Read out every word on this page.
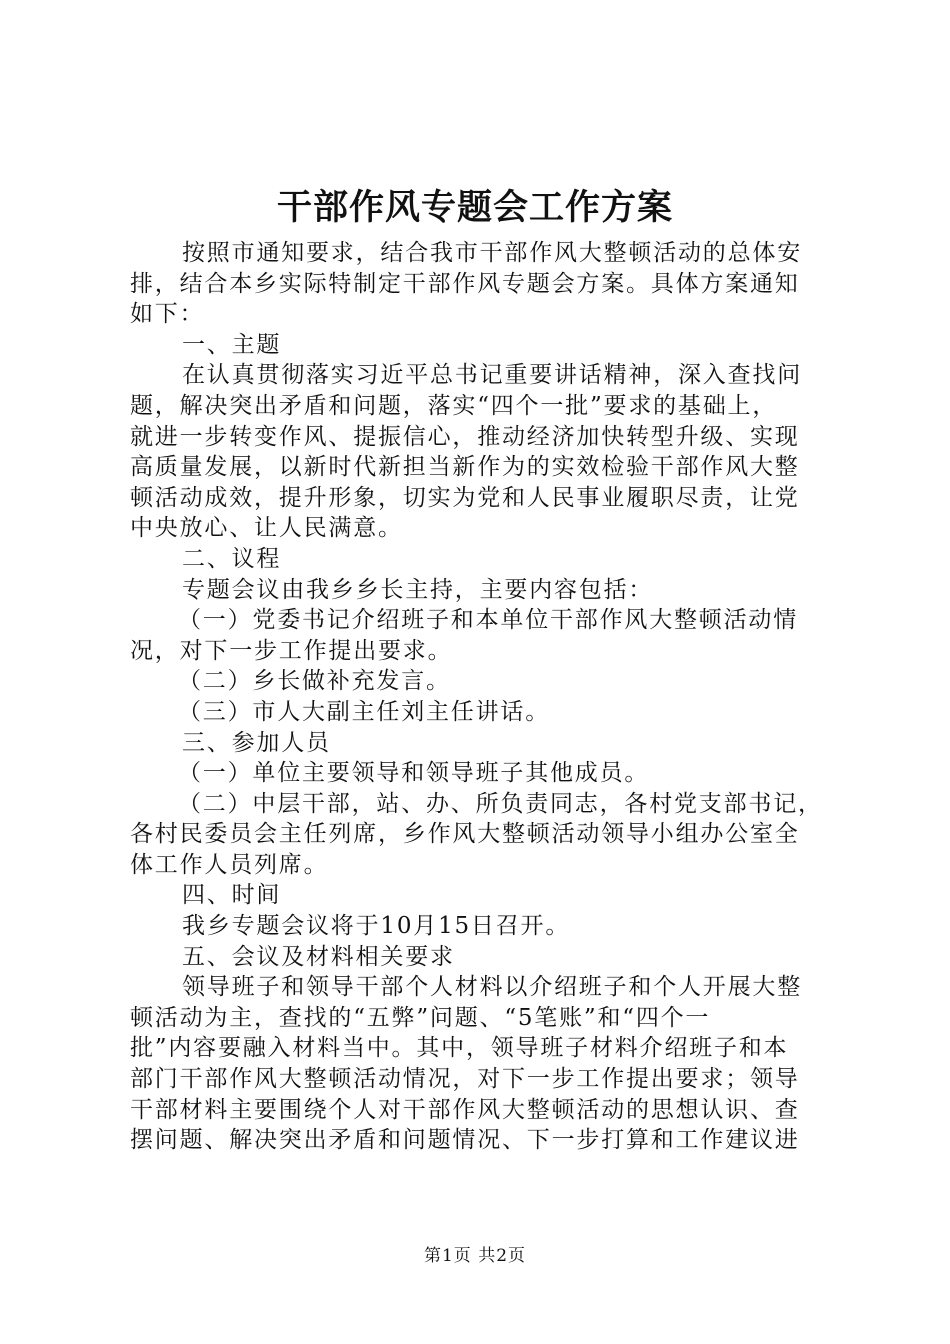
干部作风专题会工作方案
按照市通知要求，结合我市干部作风大整顿活动的总体安
排，结合本乡实际特制定干部作风专题会方案。具体方案通知
如下：
一、主题
在认真贯彻落实习近平总书记重要讲话精神，深入查找问
题，解决突出矛盾和问题，落实“四个一批”要求的基础上，
就进一步转变作风、提振信心，推动经济加快转型升级、实现
高质量发展，以新时代新担当新作为的实效检验干部作风大整
顿活动成效，提升形象，切实为党和人民事业履职尽责，让党
中央放心、让人民满意。
二、议程
专题会议由我乡乡长主持，主要内容包括：
（一）党委书记介绍班子和本单位干部作风大整顿活动情
况，对下一步工作提出要求。
（二）乡长做补充发言。
（三）市人大副主任刘主任讲话。
三、参加人员
（一）单位主要领导和领导班子其他成员。
（二）中层干部，站、办、所负责同志，各村党支部书记，
各村民委员会主任列席，乡作风大整顿活动领导小组办公室全
体工作人员列席。
四、时间
我乡专题会议将于10月15日召开。
五、会议及材料相关要求
领导班子和领导干部个人材料以介绍班子和个人开展大整
顿活动为主，查找的“五弊”问题、“5笔账”和“四个一
批”内容要融入材料当中。其中，领导班子材料介绍班子和本
部门干部作风大整顿活动情况，对下一步工作提出要求；领导
干部材料主要围绕个人对干部作风大整顿活动的思想认识、查
摆问题、解决突出矛盾和问题情况、下一步打算和工作建议进
第1页 共2页
